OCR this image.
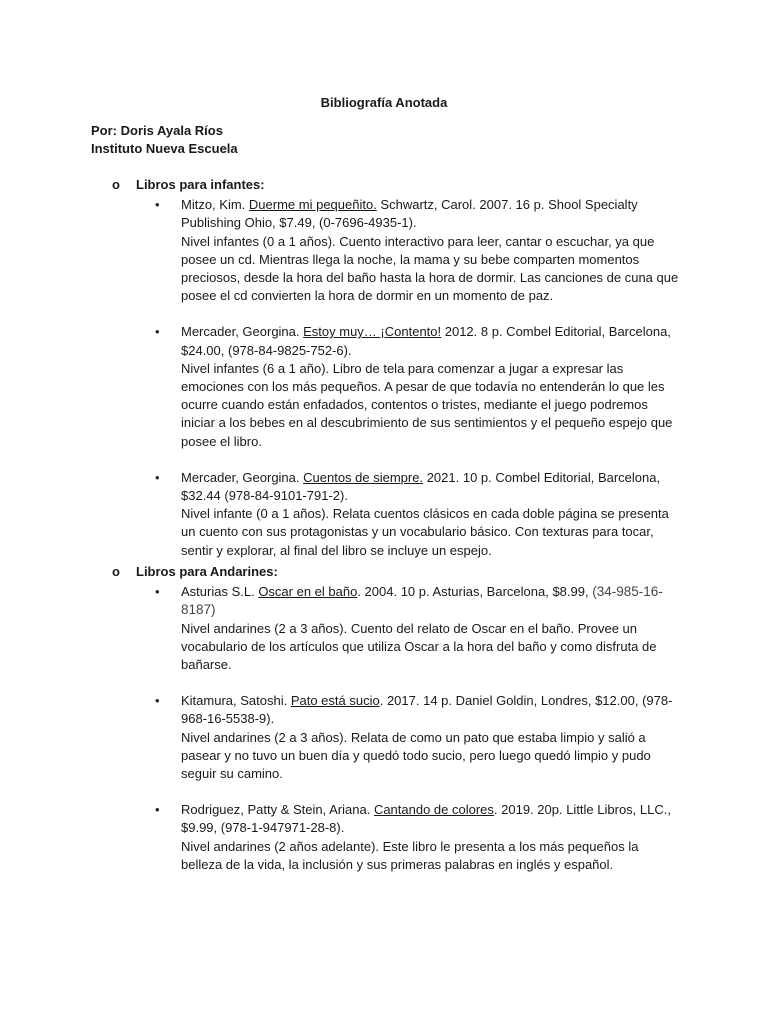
Bibliografía Anotada
Por: Doris Ayala Ríos
Instituto Nueva Escuela
o Libros para infantes:
• Mitzo, Kim. Duerme mi pequeñito. Schwartz, Carol. 2007. 16 p. Shool Specialty Publishing Ohio, $7.49, (0-7696-4935-1).
Nivel infantes (0 a 1 años). Cuento interactivo para leer, cantar o escuchar, ya que posee un cd. Mientras llega la noche, la mama y su bebe comparten momentos preciosos, desde la hora del baño hasta la hora de dormir. Las canciones de cuna que posee el cd convierten la hora de dormir en un momento de paz.
• Mercader, Georgina. Estoy muy… ¡Contento! 2012. 8 p. Combel Editorial, Barcelona, $24.00, (978-84-9825-752-6).
Nivel infantes (6 a 1 año). Libro de tela para comenzar a jugar a expresar las emociones con los más pequeños. A pesar de que todavía no entenderán lo que les ocurre cuando están enfadados, contentos o tristes, mediante el juego podremos iniciar a los bebes en al descubrimiento de sus sentimientos y el pequeño espejo que posee el libro.
• Mercader, Georgina. Cuentos de siempre. 2021. 10 p. Combel Editorial, Barcelona, $32.44 (978-84-9101-791-2).
Nivel infante (0 a 1 años). Relata cuentos clásicos en cada doble página se presenta un cuento con sus protagonistas y un vocabulario básico. Con texturas para tocar, sentir y explorar, al final del libro se incluye un espejo.
o Libros para Andarines:
• Asturias S.L. Oscar en el baño. 2004. 10 p. Asturias, Barcelona, $8.99, (34-985-16-8187)
Nivel andarines (2 a 3 años). Cuento del relato de Oscar en el baño. Provee un vocabulario de los artículos que utiliza Oscar a la hora del baño y como disfruta de bañarse.
• Kitamura, Satoshi. Pato está sucio. 2017. 14 p. Daniel Goldin, Londres, $12.00, (978-968-16-5538-9).
Nivel andarines (2 a 3 años). Relata de como un pato que estaba limpio y salió a pasear y no tuvo un buen día y quedó todo sucio, pero luego quedó limpio y pudo seguir su camino.
• Rodriguez, Patty & Stein, Ariana. Cantando de colores. 2019. 20p. Little Libros, LLC., $9.99, (978-1-947971-28-8).
Nivel andarines (2 años adelante). Este libro le presenta a los más pequeños la belleza de la vida, la inclusión y sus primeras palabras en inglés y español.
